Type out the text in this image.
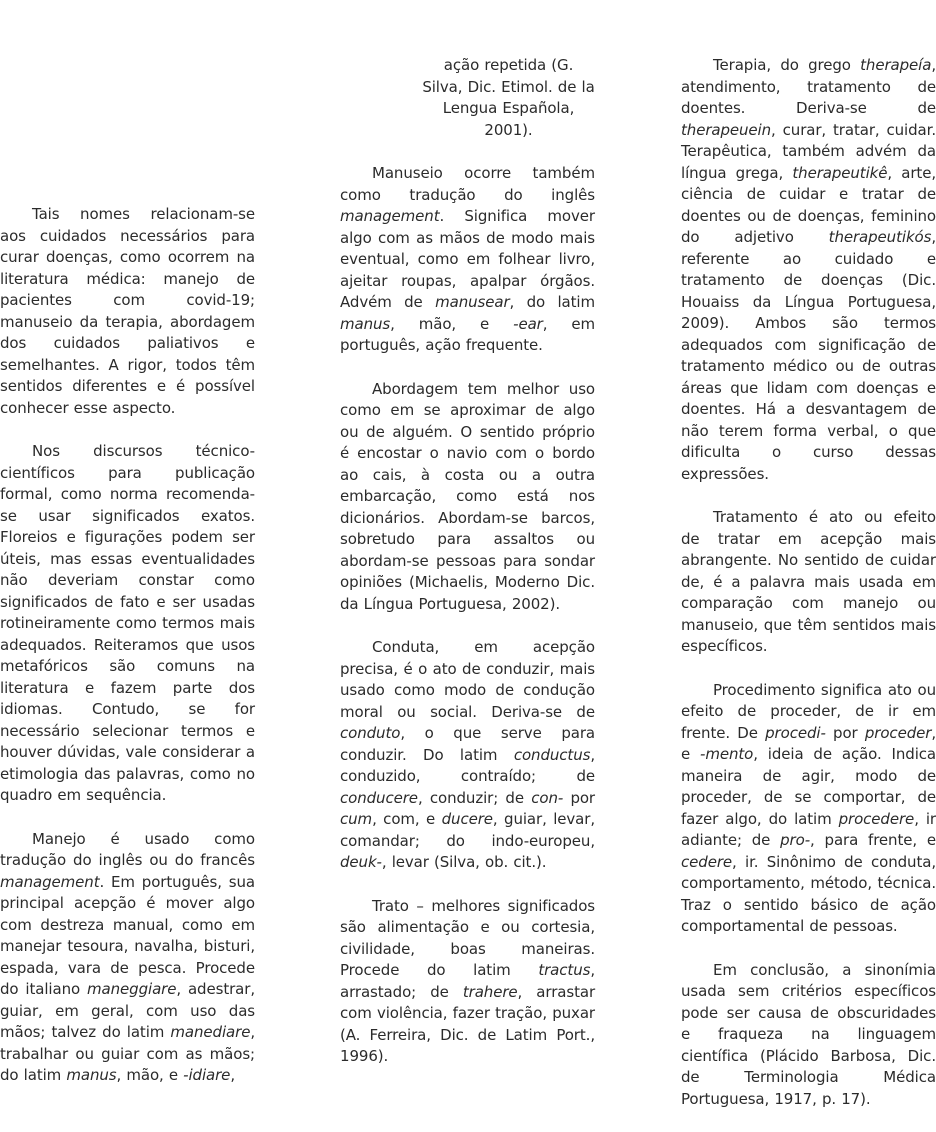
Tais nomes relacionam-se aos cuidados necessários para curar doenças, como ocorrem na literatura médica: manejo de pacientes com covid-19; manuseio da terapia, abordagem dos cuidados paliativos e semelhantes. A rigor, todos têm sentidos diferentes e é possível conhecer esse aspecto.

Nos discursos técnico-científicos para publicação formal, como norma recomenda-se usar significados exatos. Floreios e figurações podem ser úteis, mas essas eventualidades não deveriam constar como significados de fato e ser usadas rotineiramente como termos mais adequados. Reiteramos que usos metafóricos são comuns na literatura e fazem parte dos idiomas. Contudo, se for necessário selecionar termos e houver dúvidas, vale considerar a etimologia das palavras, como no quadro em sequência.

Manejo é usado como tradução do inglês ou do francês management. Em português, sua principal acepção é mover algo com destreza manual, como em manejar tesoura, navalha, bisturi, espada, vara de pesca. Procede do italiano maneggiare, adestrar, guiar, em geral, com uso das mãos; talvez do latim manediare, trabalhar ou guiar com as mãos; do latim manus, mão, e -idiare,

ação repetida (G. Silva, Dic. Etimol. de la Lengua Española, 2001).

Manuseio ocorre também como tradução do inglês management. Significa mover algo com as mãos de modo mais eventual, como em folhear livro, ajeitar roupas, apalpar órgãos. Advém de manusear, do latim manus, mão, e -ear, em português, ação frequente.

Abordagem tem melhor uso como em se aproximar de algo ou de alguém. O sentido próprio é encostar o navio com o bordo ao cais, à costa ou a outra embarcação, como está nos dicionários. Abordam-se barcos, sobretudo para assaltos ou abordam-se pessoas para sondar opiniões (Michaelis, Moderno Dic. da Língua Portuguesa, 2002).

Conduta, em acepção precisa, é o ato de conduzir, mais usado como modo de condução moral ou social. Deriva-se de conduto, o que serve para conduzir. Do latim conductus, conduzido, contraído; de conducere, conduzir; de con- por cum, com, e ducere, guiar, levar, comandar; do indo-europeu, deuk-, levar (Silva, ob. cit.).

Trato – melhores significados são alimentação e ou cortesia, civilidade, boas maneiras. Procede do latim tractus, arrastado; de trahere, arrastar com violência, fazer tração, puxar (A. Ferreira, Dic. de Latim Port., 1996).

Terapia, do grego therapeía, atendimento, tratamento de doentes. Deriva-se de therapeuein, curar, tratar, cuidar. Terapêutica, também advém da língua grega, therapeutikê, arte, ciência de cuidar e tratar de doentes ou de doenças, feminino do adjetivo therapeutikós, referente ao cuidado e tratamento de doenças (Dic. Houaiss da Língua Portuguesa, 2009). Ambos são termos adequados com significação de tratamento médico ou de outras áreas que lidam com doenças e doentes. Há a desvantagem de não terem forma verbal, o que dificulta o curso dessas expressões.

Tratamento é ato ou efeito de tratar em acepção mais abrangente. No sentido de cuidar de, é a palavra mais usada em comparação com manejo ou manuseio, que têm sentidos mais específicos.

Procedimento significa ato ou efeito de proceder, de ir em frente. De procedi- por proceder, e -mento, ideia de ação. Indica maneira de agir, modo de proceder, de se comportar, de fazer algo, do latim procedere, ir adiante; de pro-, para frente, e cedere, ir. Sinônimo de conduta, comportamento, método, técnica. Traz o sentido básico de ação comportamental de pessoas.

Em conclusão, a sinonímia usada sem critérios específicos pode ser causa de obscuridades e fraqueza na linguagem científica (Plácido Barbosa, Dic. de Terminologia Médica Portuguesa, 1917, p. 17).
